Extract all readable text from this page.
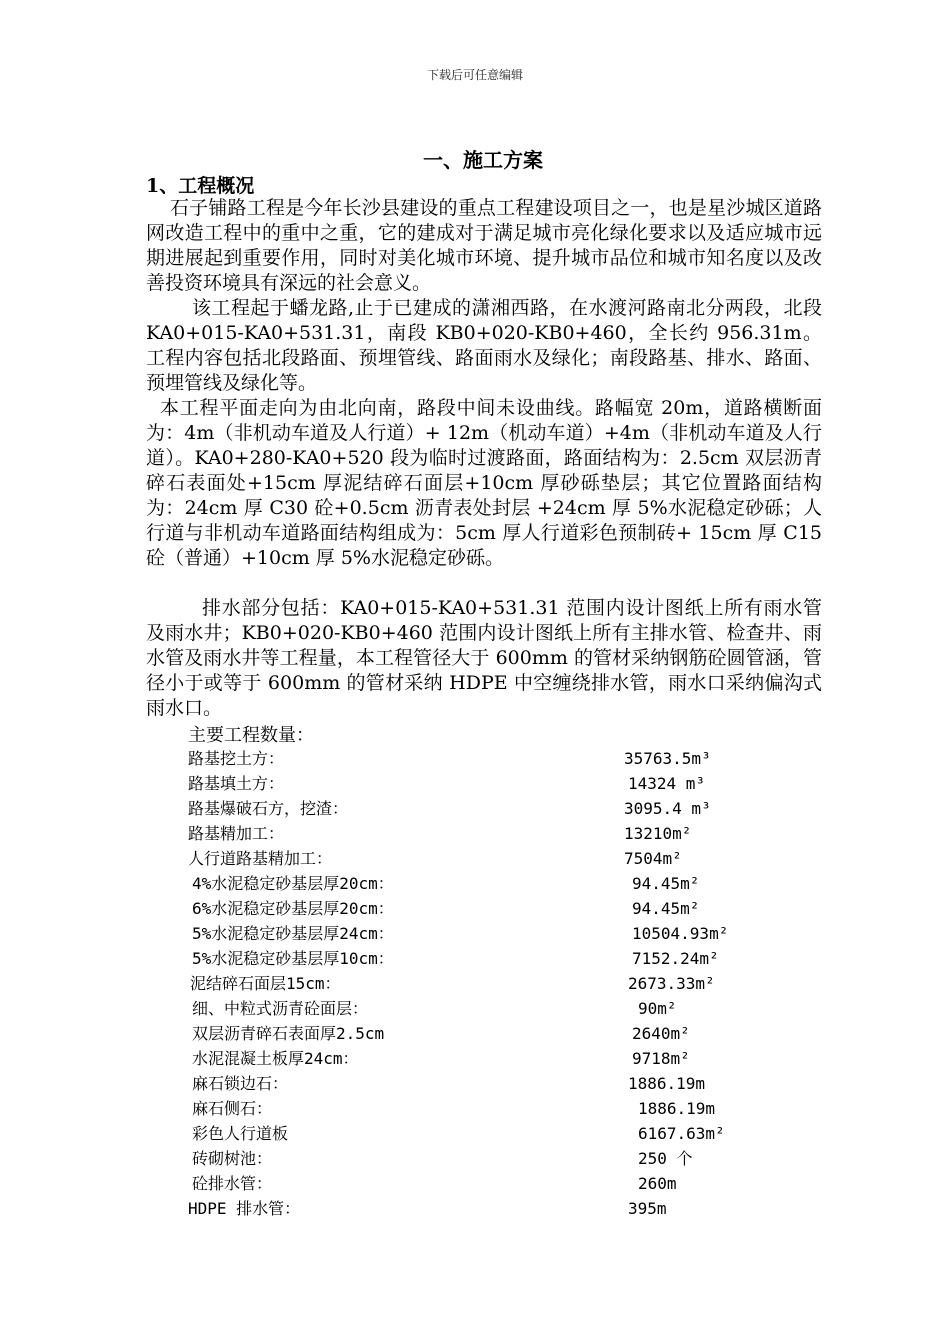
下载后可任意编辑
一、施工方案
1、工程概况

石子铺路工程是今年长沙县建设的重点工程建设项目之一，也是星沙城区道路网改造工程中的重中之重，它的建成对于满足城市亮化绿化要求以及适应城市远期进展起到重要作用，同时对美化城市环境、提升城市品位和城市知名度以及改善投资环境具有深远的社会意义。

该工程起于蟠龙路,止于已建成的潇湘西路，在水渡河路南北分两段，北段 KA0+015-KA0+531.31，南段 KB0+020-KB0+460，全长约 956.31m。工程内容包括北段路面、预埋管线、路面雨水及绿化；南段路基、排水、路面、预埋管线及绿化等。

本工程平面走向为由北向南，路段中间未设曲线。路幅宽 20m，道路横断面为：4m（非机动车道及人行道）+ 12m（机动车道）+4m（非机动车道及人行道）。KA0+280-KA0+520 段为临时过渡路面，路面结构为：2.5cm 双层沥青碎石表面处+15cm 厚泥结碎石面层+10cm 厚砂砾垫层；其它位置路面结构为：24cm 厚 C30 砼+0.5cm 沥青表处封层 +24cm 厚 5%水泥稳定砂砾；人行道与非机动车道路面结构组成为：5cm 厚人行道彩色预制砖+ 15cm 厚 C15 砼（普通）+10cm 厚 5%水泥稳定砂砾。

排水部分包括：KA0+015-KA0+531.31 范围内设计图纸上所有雨水管及雨水井；KB0+020-KB0+460 范围内设计图纸上所有主排水管、检查井、雨水管及雨水井等工程量，本工程管径大于 600mm 的管材采纳钢筋砼圆管涵，管径小于或等于 600mm 的管材采纳 HDPE 中空缠绕排水管，雨水口采纳偏沟式雨水口。

主要工程数量：
路基挖土方：	35763.5m³
路基填土方：	14324 m³
路基爆破石方，挖渣：	3095.4 m³
路基精加工：	13210m²
人行道路基精加工：	7504m²
4%水泥稳定砂基层厚20cm：	94.45m²
6%水泥稳定砂基层厚20cm：	94.45m²
5%水泥稳定砂基层厚24cm：	10504.93m²
5%水泥稳定砂基层厚10cm：	7152.24m²
泥结碎石面层15cm：	2673.33m²
细、中粒式沥青砼面层：	90m²
双层沥青碎石表面厚2.5cm	2640m²
水泥混凝土板厚24cm：	9718m²
麻石锁边石：	1886.19m
麻石侧石：	1886.19m
彩色人行道板	6167.63m²
砖砌树池：	250 个
砼排水管：	260m
HDPE 排水管：	395m
